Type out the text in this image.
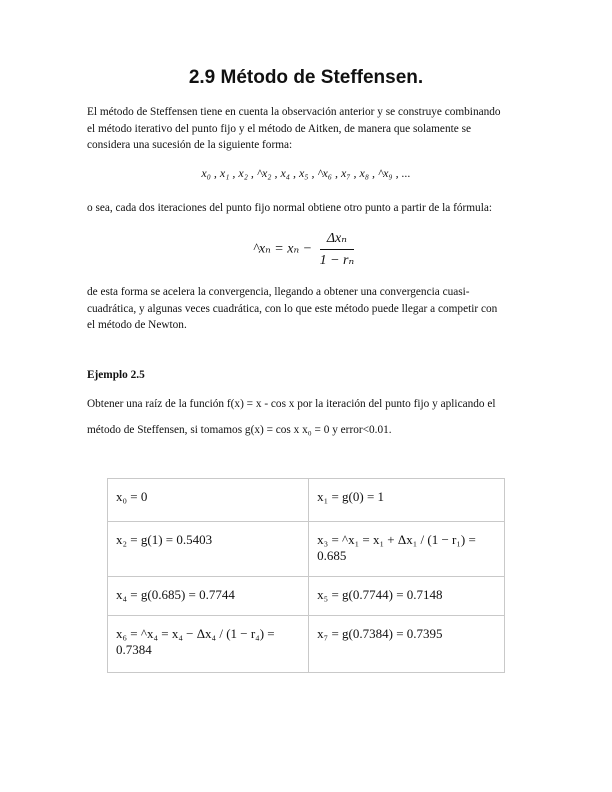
2.9 Método de Steffensen.
El método de Steffensen tiene en cuenta la observación anterior y se construye combinando
el método iterativo del punto fijo y el método de Aitken, de manera que solamente se
considera una sucesión de la siguiente forma:
x₀ , x₁ , x₂ , ^x₂ , x₄ , x₅ , ^x₆ , x₇ , x₈ , ^x₉ , ...
o sea, cada dos iteraciones del punto fijo normal obtiene otro punto a partir de la fórmula:
^xₙ = $x_n - \frac{\text{Δxₙ}}{\text{1 − rₙ}}$
de esta forma se acelera la convergencia, llegando a obtener una convergencia cuasi-
cuadrática, y algunas veces cuadrática, con lo que este método puede llegar a competir con
el método de Newton.
Ejemplo 2.5
Obtener una raíz de la función f(x) = x - cos x por la iteración del punto fijo y aplicando el
método de Steffensen, si tomamos g(x) = cos x x₀ = 0 y error<0.01.
x₀ = 0	x₁ = g(0) = 1
x₂ = g(1) = 0.5403	x₃ = ^x₁ = x₁ + Δx₁ / (1 − r₁) = 0.685
x₄ = g(0.685) = 0.7744	x₅ = g(0.7744) = 0.7148
x₆ = ^x₄ = x₄ − Δx₄ / (1 − r₄) = 0.7384	x₇ = g(0.7384) = 0.7395
